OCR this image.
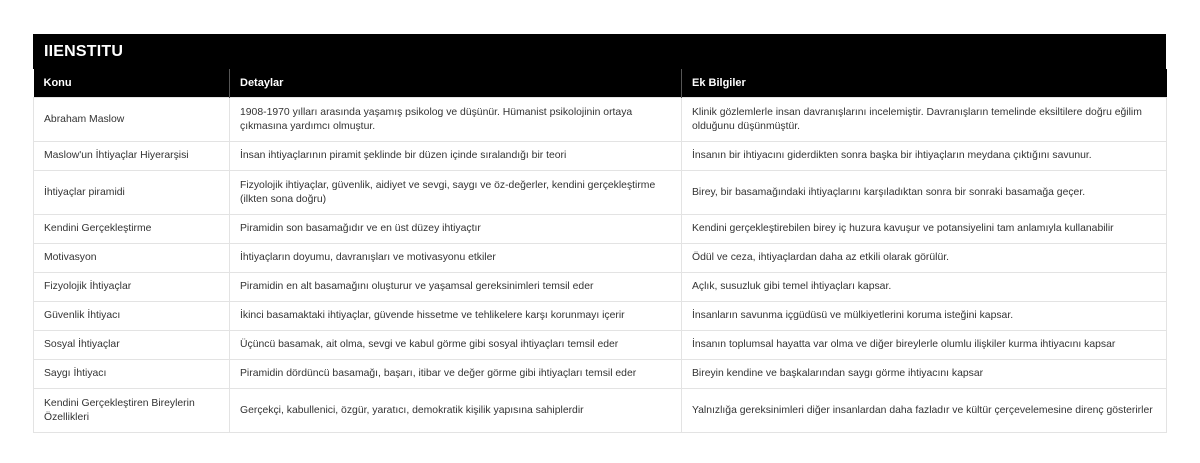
IIENSTITU
Konu	Detaylar	Ek Bilgiler
Abraham Maslow	1908-1970 yılları arasında yaşamış psikolog ve düşünür. Hümanist psikolojinin ortaya çıkmasına yardımcı olmuştur.	Klinik gözlemlerle insan davranışlarını incelemiştir. Davranışların temelinde eksiltilere doğru eğilim olduğunu düşünmüştür.
Maslow'un İhtiyaçlar Hiyerarşisi	İnsan ihtiyaçlarının piramit şeklinde bir düzen içinde sıralandığı bir teori	İnsanın bir ihtiyacını giderdikten sonra başka bir ihtiyaçların meydana çıktığını savunur.
İhtiyaçlar piramidi	Fizyolojik ihtiyaçlar, güvenlik, aidiyet ve sevgi, saygı ve öz-değerler, kendini gerçekleştirme (ilkten sona doğru)	Birey, bir basamağındaki ihtiyaçlarını karşıladıktan sonra bir sonraki basamağa geçer.
Kendini Gerçekleştirme	Piramidin son basamağıdır ve en üst düzey ihtiyaçtır	Kendini gerçekleştirebilen birey iç huzura kavuşur ve potansiyelini tam anlamıyla kullanabilir
Motivasyon	İhtiyaçların doyumu, davranışları ve motivasyonu etkiler	Ödül ve ceza, ihtiyaçlardan daha az etkili olarak görülür.
Fizyolojik İhtiyaçlar	Piramidin en alt basamağını oluşturur ve yaşamsal gereksinimleri temsil eder	Açlık, susuzluk gibi temel ihtiyaçları kapsar.
Güvenlik İhtiyacı	İkinci basamaktaki ihtiyaçlar, güvende hissetme ve tehlikelere karşı korunmayı içerir	İnsanların savunma içgüdüsü ve mülkiyetlerini koruma isteğini kapsar.
Sosyal İhtiyaçlar	Üçüncü basamak, ait olma, sevgi ve kabul görme gibi sosyal ihtiyaçları temsil eder	İnsanın toplumsal hayatta var olma ve diğer bireylerle olumlu ilişkiler kurma ihtiyacını kapsar
Saygı İhtiyacı	Piramidin dördüncü basamağı, başarı, itibar ve değer görme gibi ihtiyaçları temsil eder	Bireyin kendine ve başkalarından saygı görme ihtiyacını kapsar
Kendini Gerçekleştiren Bireylerin Özellikleri	Gerçekçi, kabullenici, özgür, yaratıcı, demokratik kişilik yapısına sahiplerdir	Yalnızlığa gereksinimleri diğer insanlardan daha fazladır ve kültür çerçevelemesine direnç gösterirler
